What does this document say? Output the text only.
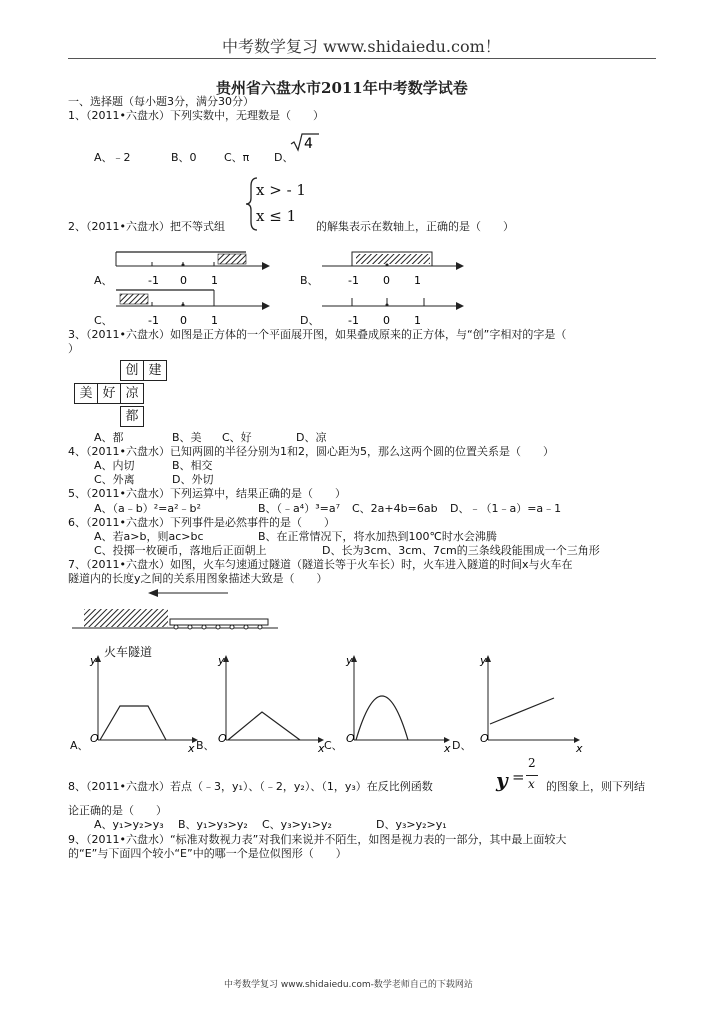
中考数学复习 www.shidaiedu.com！
贵州省六盘水市2011年中考数学试卷
一、选择题（每小题3分，满分30分）
1、（2011•六盘水）下列实数中，无理数是（　　）
A、﹣2	B、0 C、π D、
4
x > - 1
x ≤ 1
2、（2011•六盘水）把不等式组	的解集表示在数轴上，正确的是（　　）
A、	B、
C、	D、
-1 0 1	-1 0 1
-1 0 1	-1 0 1
3、（2011•六盘水）如图是正方体的一个平面展开图，如果叠成原来的正方体，与“创”字相对的字是（
）
创 建
美 好 凉
都
A、都	B、美 C、好	D、凉
4、（2011•六盘水）已知两圆的半径分别为1和2，圆心距为5，那么这两个圆的位置关系是（　　）
A、内切	B、相交
C、外离	D、外切
5、（2011•六盘水）下列运算中，结果正确的是（　　）
A、（a﹣b）²=a²﹣b²	B、（﹣a⁴）³=a⁷ C、2a+4b=6ab D、﹣（1﹣a）=a﹣1
6、（2011•六盘水）下列事件是必然事件的是（　　）
A、若a>b，则ac>bc	B、在正常情况下，将水加热到100℃时水会沸腾
C、投掷一枚硬币，落地后正面朝上	D、长为3cm、3cm、7cm的三条线段能围成一个三角形
7、（2011•六盘水）如图，火车匀速通过隧道（隧道长等于火车长）时，火车进入隧道的时间x与火车在
隧道内的长度y之间的关系用图象描述大致是（　　）
火车隧道
y
x
O
y
x
O
y
x
O
y
x
O
A、	B、	C、	D、
8、（2011•六盘水）若点（﹣3，y₁）、（﹣2，y₂）、（1，y₃）在反比例函数	y =
2
x 的图象上，则下列结
论正确的是（　　）
A、y₁>y₂>y₃ B、y₁>y₃>y₂ C、y₃>y₁>y₂	D、y₃>y₂>y₁
9、（2011•六盘水）“标准对数视力表”对我们来说并不陌生，如图是视力表的一部分，其中最上面较大
的“E”与下面四个较小“E”中的哪一个是位似图形（　　）
中考数学复习 www.shidaiedu.com-数学老师自己的下载网站
